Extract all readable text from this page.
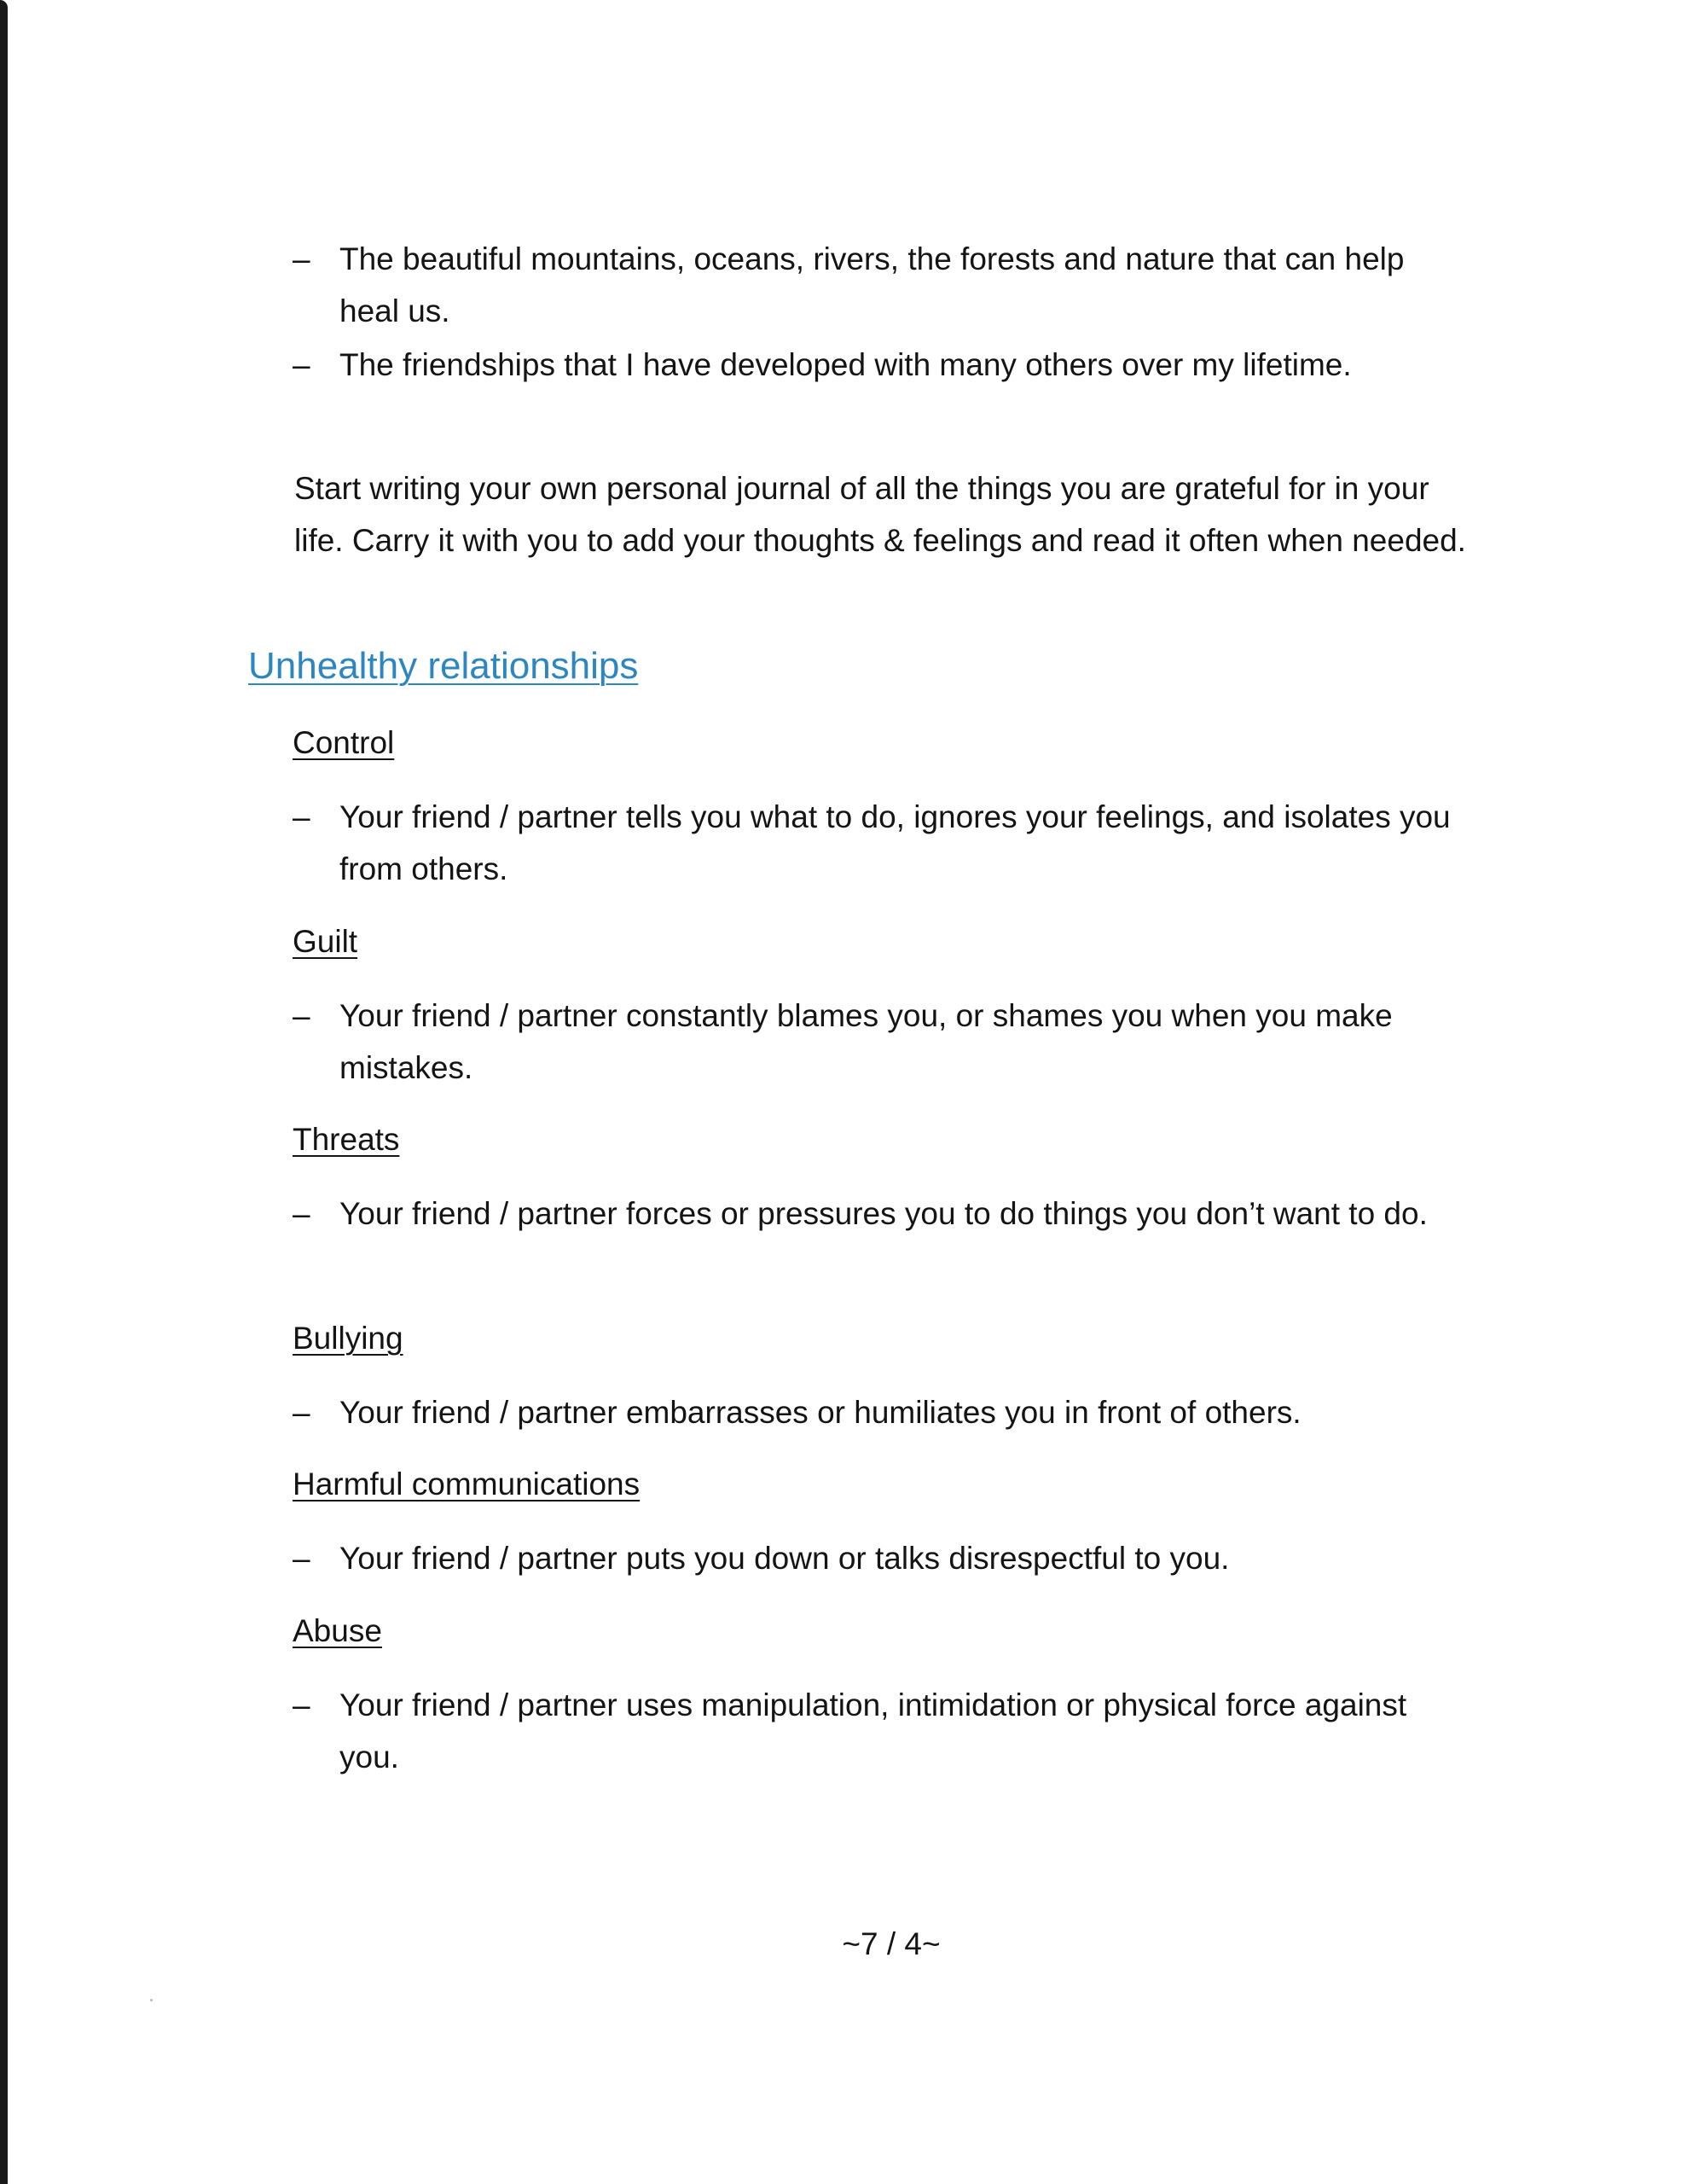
– The beautiful mountains, oceans, rivers, the forests and nature that can help heal us.
– The friendships that I have developed with many others over my lifetime.

Start writing your own personal journal of all the things you are grateful for in your life. Carry it with you to add your thoughts & feelings and read it often when needed.

Unhealthy relationships
Control
– Your friend / partner tells you what to do, ignores your feelings, and isolates you from others.
Guilt
– Your friend / partner constantly blames you, or shames you when you make mistakes.
Threats
– Your friend / partner forces or pressures you to do things you don’t want to do.
Bullying
– Your friend / partner embarrasses or humiliates you in front of others.
Harmful communications
– Your friend / partner puts you down or talks disrespectful to you.
Abuse
– Your friend / partner uses manipulation, intimidation or physical force against you.
~7 / 4~
